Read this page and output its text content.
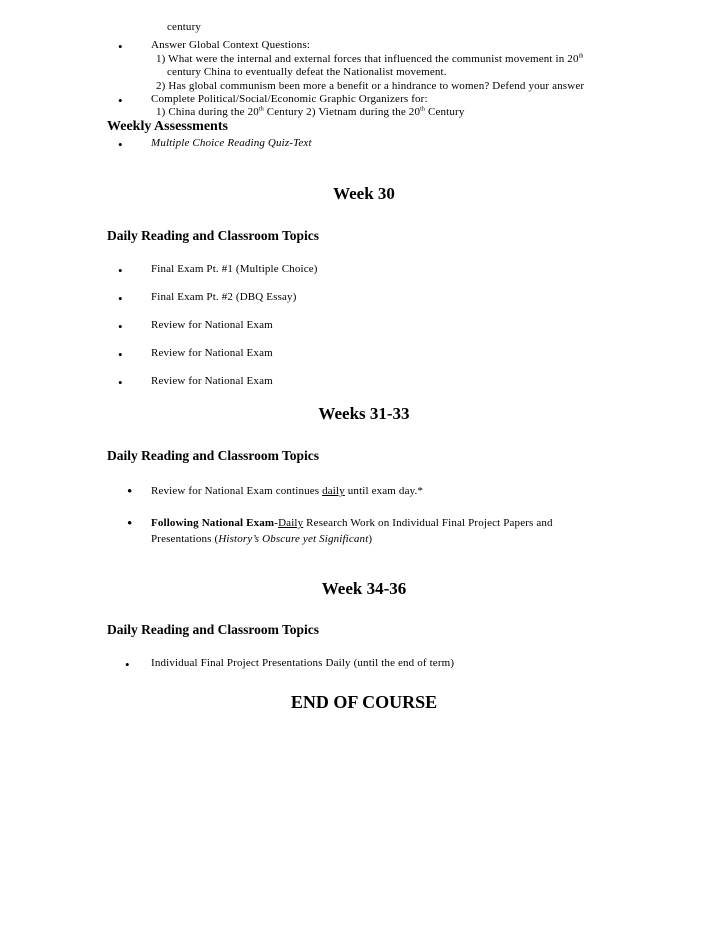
century
•	Answer Global Context Questions:
1) What were the internal and external forces that influenced the communist movement in 20th
century China to eventually defeat the Nationalist movement.
2) Has global communism been more a benefit or a hindrance to women? Defend your answer
•	Complete Political/Social/Economic Graphic Organizers for:
1) China during the 20th Century 2) Vietnam during the 20th Century
Weekly Assessments
•	Multiple Choice Reading Quiz-Text
Week 30
Daily Reading and Classroom Topics
•	Final Exam Pt. #1 (Multiple Choice)
•	Final Exam Pt. #2 (DBQ Essay)
•	Review for National Exam
•	Review for National Exam
•	Review for National Exam
Weeks 31-33
Daily Reading and Classroom Topics
• Review for National Exam continues daily until exam day.*
• Following National Exam-Daily Research Work on Individual Final Project Papers and
Presentations (History’s Obscure yet Significant)
Week 34-36
Daily Reading and Classroom Topics
• Individual Final Project Presentations Daily (until the end of term)
END OF COURSE
